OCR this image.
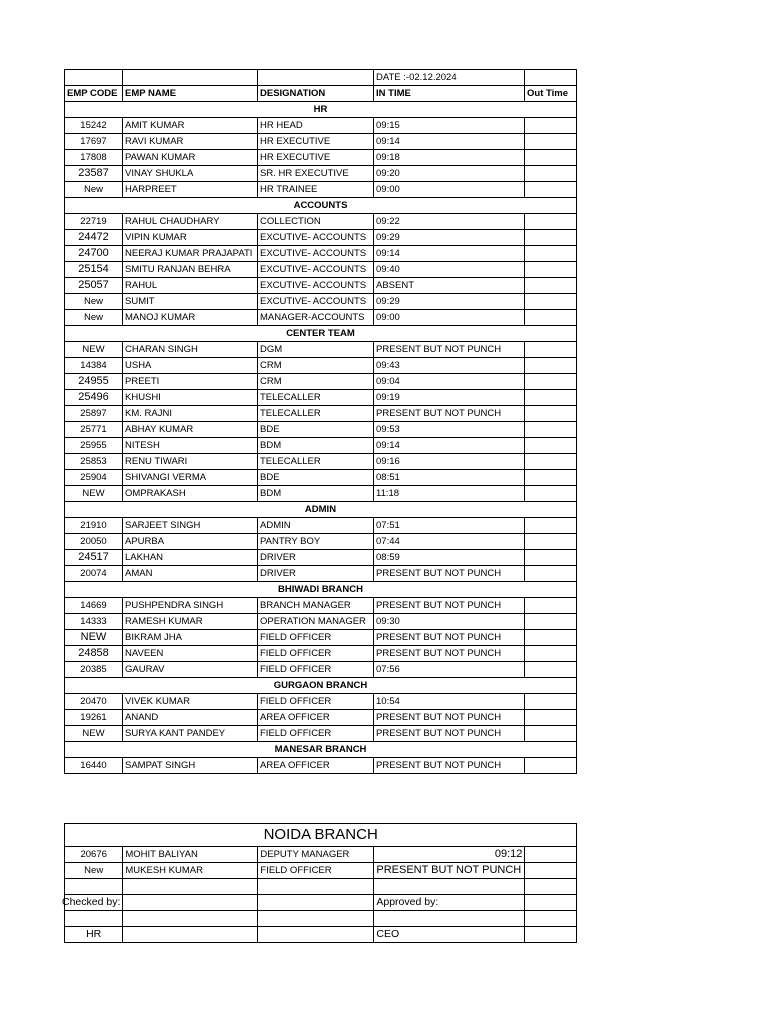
			DATE :-02.12.2024	
EMP CODE	EMP NAME	DESIGNATION	IN TIME	Out Time
HR				
15242	AMIT KUMAR	HR HEAD	09:15	
17697	RAVI KUMAR	HR EXECUTIVE	09:14	
17808	PAWAN KUMAR	HR EXECUTIVE	09:18	
23587	VINAY SHUKLA	SR. HR EXECUTIVE	09:20	
New	HARPREET	HR TRAINEE	09:00	
ACCOUNTS				
22719	RAHUL CHAUDHARY	COLLECTION	09:22	
24472	VIPIN KUMAR	EXCUTIVE- ACCOUNTS	09:29	
24700	NEERAJ KUMAR PRAJAPATI	EXCUTIVE- ACCOUNTS	09:14	
25154	SMITU RANJAN BEHRA	EXCUTIVE- ACCOUNTS	09:40	
25057	RAHUL	EXCUTIVE- ACCOUNTS	ABSENT	
New	SUMIT	EXCUTIVE- ACCOUNTS	09:29	
New	MANOJ KUMAR	MANAGER-ACCOUNTS	09:00	
CENTER TEAM				
NEW	CHARAN SINGH	DGM	PRESENT BUT NOT PUNCH	
14384	USHA	CRM	09:43	
24955	PREETI	CRM	09:04	
25496	KHUSHI	TELECALLER	09:19	
25897	KM. RAJNI	TELECALLER	PRESENT BUT NOT PUNCH	
25771	ABHAY KUMAR	BDE	09:53	
25955	NITESH	BDM	09:14	
25853	RENU TIWARI	TELECALLER	09:16	
25904	SHIVANGI VERMA	BDE	08:51	
NEW	OMPRAKASH	BDM	11:18	
ADMIN				
21910	SARJEET SINGH	ADMIN	07:51	
20050	APURBA	PANTRY BOY	07:44	
24517	LAKHAN	DRIVER	08:59	
20074	AMAN	DRIVER	PRESENT BUT NOT PUNCH	
BHIWADI BRANCH				
14669	PUSHPENDRA SINGH	BRANCH MANAGER	PRESENT BUT NOT PUNCH	
14333	RAMESH KUMAR	OPERATION MANAGER	09:30	
NEW	BIKRAM JHA	FIELD OFFICER	PRESENT BUT NOT PUNCH	
24858	NAVEEN	FIELD OFFICER	PRESENT BUT NOT PUNCH	
20385	GAURAV	FIELD OFFICER	07:56	
GURGAON BRANCH				
20470	VIVEK KUMAR	FIELD OFFICER	10:54	
19261	ANAND	AREA OFFICER	PRESENT BUT NOT PUNCH	
NEW	SURYA KANT PANDEY	FIELD OFFICER	PRESENT BUT NOT PUNCH	
MANESAR BRANCH				
16440	SAMPAT SINGH	AREA OFFICER	PRESENT BUT NOT PUNCH	
NOIDA BRANCH				
20676	MOHIT BALIYAN	DEPUTY MANAGER	09:12	
New	MUKESH KUMAR	FIELD OFFICER	PRESENT BUT NOT PUNCH	

Checked by:			Approved by:	

HR			CEO	
